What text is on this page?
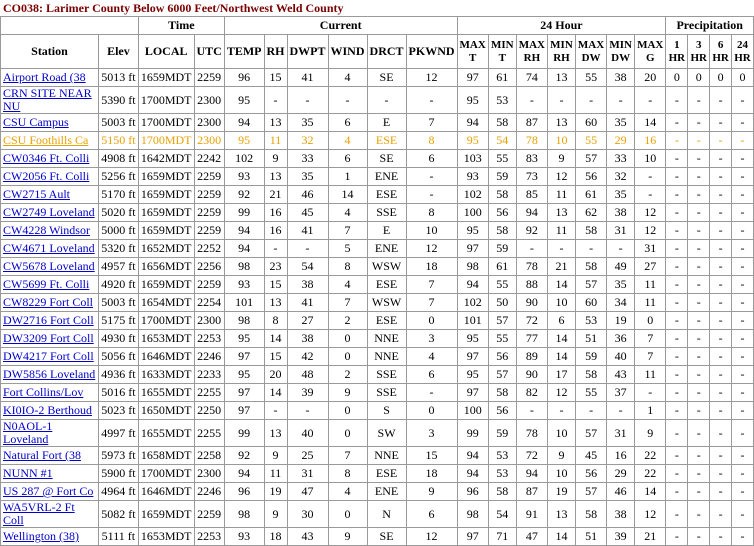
CO038: Larimer County Below 6000 Feet/Northwest Weld County
		Time		Current						24 Hour							Precipitation			
Station	Elev	LOCAL	UTC	TEMP	RH	DWPT	WIND	DRCT	PKWND	MAX T	MIN T	MAX RH	MIN RH	MAX DW	MIN DW	MAX G	1 HR	3 HR	6 HR	24 HR
Airport Road (38	5013 ft	1659MDT	2259	96	15	41	4	SE	12	97	61	74	13	55	38	20	0	0	0	0
CRN SITE NEAR NU	5390 ft	1700MDT	2300	95	-	-	-	-	-	95	53	-	-	-	-	-	-	-	-	-
CSU Campus	5003 ft	1700MDT	2300	94	13	35	6	E	7	94	58	87	13	60	35	14	-	-	-	-
CSU Foothills Ca	5150 ft	1700MDT	2300	95	11	32	4	ESE	8	95	54	78	10	55	29	16	-	-	-	-
CW0346 Ft. Colli	4908 ft	1642MDT	2242	102	9	33	6	SE	6	103	55	83	9	57	33	10	-	-	-	-
CW2056 Ft. Colli	5256 ft	1659MDT	2259	93	13	35	1	ENE	-	93	59	73	12	56	32	-	-	-	-	-
CW2715 Ault	5170 ft	1659MDT	2259	92	21	46	14	ESE	-	102	58	85	11	61	35	-	-	-	-	-
CW2749 Loveland	5020 ft	1659MDT	2259	99	16	45	4	SSE	8	100	56	94	13	62	38	12	-	-	-	-
CW4228 Windsor	5000 ft	1659MDT	2259	94	16	41	7	E	10	95	58	92	11	58	31	12	-	-	-	-
CW4671 Loveland	5320 ft	1652MDT	2252	94	-	-	5	ENE	12	97	59	-	-	-	-	31	-	-	-	-
CW5678 Loveland	4957 ft	1656MDT	2256	98	23	54	8	WSW	18	98	61	78	21	58	49	27	-	-	-	-
CW5699 Ft. Colli	4920 ft	1659MDT	2259	93	15	38	4	ESE	7	94	55	88	14	57	35	11	-	-	-	-
CW8229 Fort Coll	5003 ft	1654MDT	2254	101	13	41	7	WSW	7	102	50	90	10	60	34	11	-	-	-	-
DW2716 Fort Coll	5175 ft	1700MDT	2300	98	8	27	2	ESE	0	101	57	72	6	53	19	0	-	-	-	-
DW3209 Fort Coll	4930 ft	1653MDT	2253	95	14	38	0	NNE	3	95	55	77	14	51	36	7	-	-	-	-
DW4217 Fort Coll	5056 ft	1646MDT	2246	97	15	42	0	NNE	4	97	56	89	14	59	40	7	-	-	-	-
DW5856 Loveland	4936 ft	1633MDT	2233	95	20	48	2	SSE	6	95	57	90	17	58	43	11	-	-	-	-
Fort Collins/Lov	5016 ft	1655MDT	2255	97	14	39	9	SSE	-	97	58	82	12	55	37	-	-	-	-	-
KI0IO-2 Berthoud	5023 ft	1650MDT	2250	97	-	-	0	S	0	100	56	-	-	-	-	1	-	-	-	-
N0AOL-1 Loveland	4997 ft	1655MDT	2255	99	13	40	0	SW	3	99	59	78	10	57	31	9	-	-	-	-
Natural Fort (38	5973 ft	1658MDT	2258	92	9	25	7	NNE	15	94	53	72	9	45	16	22	-	-	-	-
NUNN #1	5900 ft	1700MDT	2300	94	11	31	8	ESE	18	94	53	94	10	56	29	22	-	-	-	-
US 287 @ Fort Co	4964 ft	1646MDT	2246	96	19	47	4	ENE	9	96	58	87	19	57	46	14	-	-	-	-
WA5VRL-2 Ft Coll	5082 ft	1659MDT	2259	98	9	30	0	N	6	98	54	91	13	58	38	12	-	-	-	-
Wellington (38)	5111 ft	1653MDT	2253	93	18	43	9	SE	12	97	71	47	14	51	39	21	-	-	-	-
